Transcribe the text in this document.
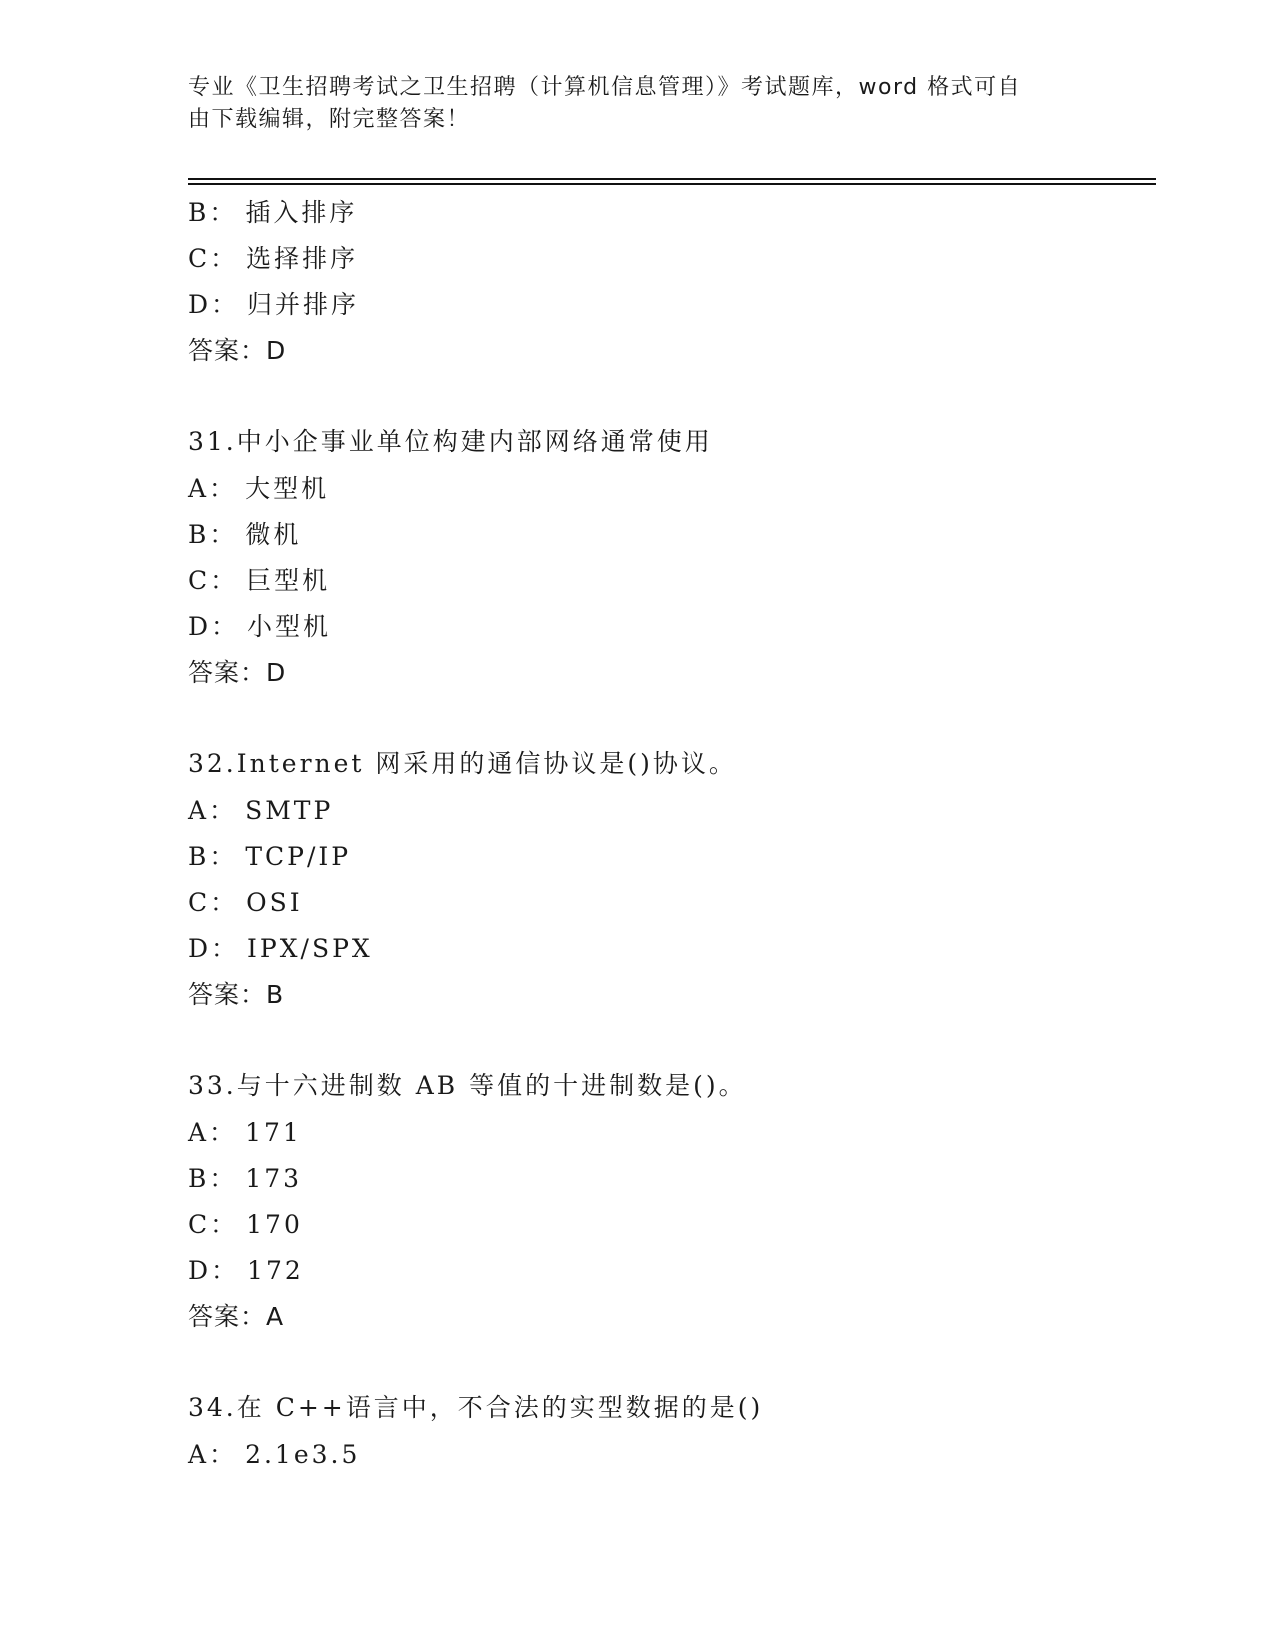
专业《卫生招聘考试之卫生招聘（计算机信息管理）》考试题库，word 格式可自
由下载编辑，附完整答案！
B： 插入排序
C： 选择排序
D： 归并排序
答案：D
31.中小企事业单位构建内部网络通常使用
A： 大型机
B： 微机
C： 巨型机
D： 小型机
答案：D
32.Internet 网采用的通信协议是()协议。
A： SMTP
B： TCP/IP
C： OSI
D： IPX/SPX
答案：B
33.与十六进制数 AB 等值的十进制数是()。
A： 171
B： 173
C： 170
D： 172
答案：A
34.在 C++语言中，不合法的实型数据的是()
A： 2.1e3.5
